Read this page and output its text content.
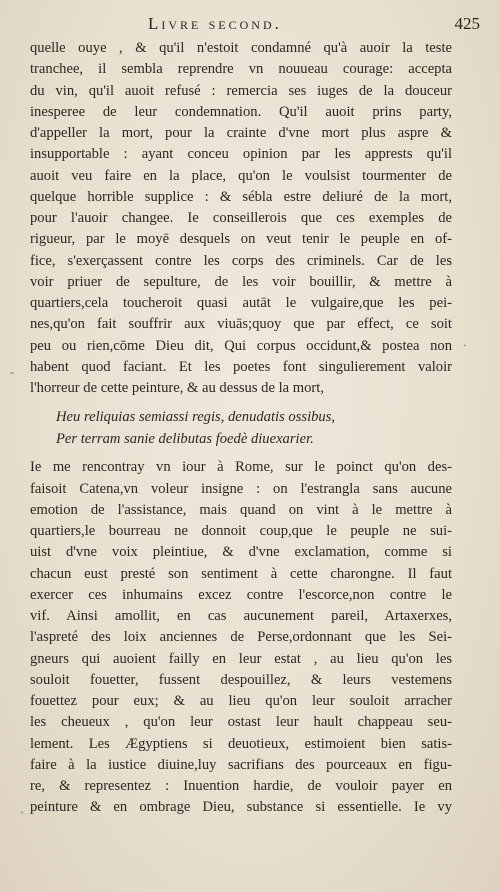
Livre second.	425
quelle ouye , & qu'il n'estoit condamné qu'à auoir la teste
tranchee, il sembla reprendre vn nouueau courage: accepta
du vin, qu'il auoit refusé : remercia ses iuges de la douceur
inesperee de leur condemnation. Qu'il auoit prins party,
d'appeller la mort, pour la crainte d'vne mort plus aspre &
insupportable : ayant conceu opinion par les apprests qu'il
auoit veu faire en la place, qu'on le voulsist tourmenter de
quelque horrible supplice : & sébla estre deliuré de la mort,
pour l'auoir changee. Ie conseillerois que ces exemples de
rigueur, par le moyē desquels on veut tenir le peuple en of-
fice, s'exerçassent contre les corps des criminels. Car de les
voir priuer de sepulture, de les voir bouillir, & mettre à
quartiers,cela toucheroit quasi autāt le vulgaire,que les pei-
nes,qu'on fait souffrir aux viuās;quoy que par effect, ce soit
peu ou rien,cōme Dieu dit, Qui corpus occidunt,& postea non
habent quod faciant. Et les poetes font singulierement valoir
l'horreur de cette peinture, & au dessus de la mort,
Heu reliquias semiassi regis, denudatis ossibus,
Per terram sanie delibutas foedè diuexarier.
Ie me rencontray vn iour à Rome, sur le poinct qu'on des-
faisoit Catena,vn voleur insigne : on l'estrangla sans aucune
emotion de l'assistance, mais quand on vint à le mettre à
quartiers,le bourreau ne donnoit coup,que le peuple ne sui-
uist d'vne voix pleintiue, & d'vne exclamation, comme si
chacun eust presté son sentiment à cette charongne. Il faut
exercer ces inhumains excez contre l'escorce,non contre le
vif. Ainsi amollit, en cas aucunement pareil, Artaxerxes,
l'aspreté des loix anciennes de Perse,ordonnant que les Sei-
gneurs qui auoient failly en leur estat , au lieu qu'on les
souloit fouetter, fussent despouillez, & leurs vestemens
fouettez pour eux; & au lieu qu'on leur souloit arracher
les cheueux , qu'on leur ostast leur hault chappeau seu-
lement. Les Ægyptiens si deuotieux, estimoient bien satis-
faire à la iustice diuine,luy sacrifians des pourceaux en figu-
re, & representez : Inuention hardie, de vouloir payer en
peinture & en ombrage Dieu, substance si essentielle. Ie vy
ˋ
-
ˎ
